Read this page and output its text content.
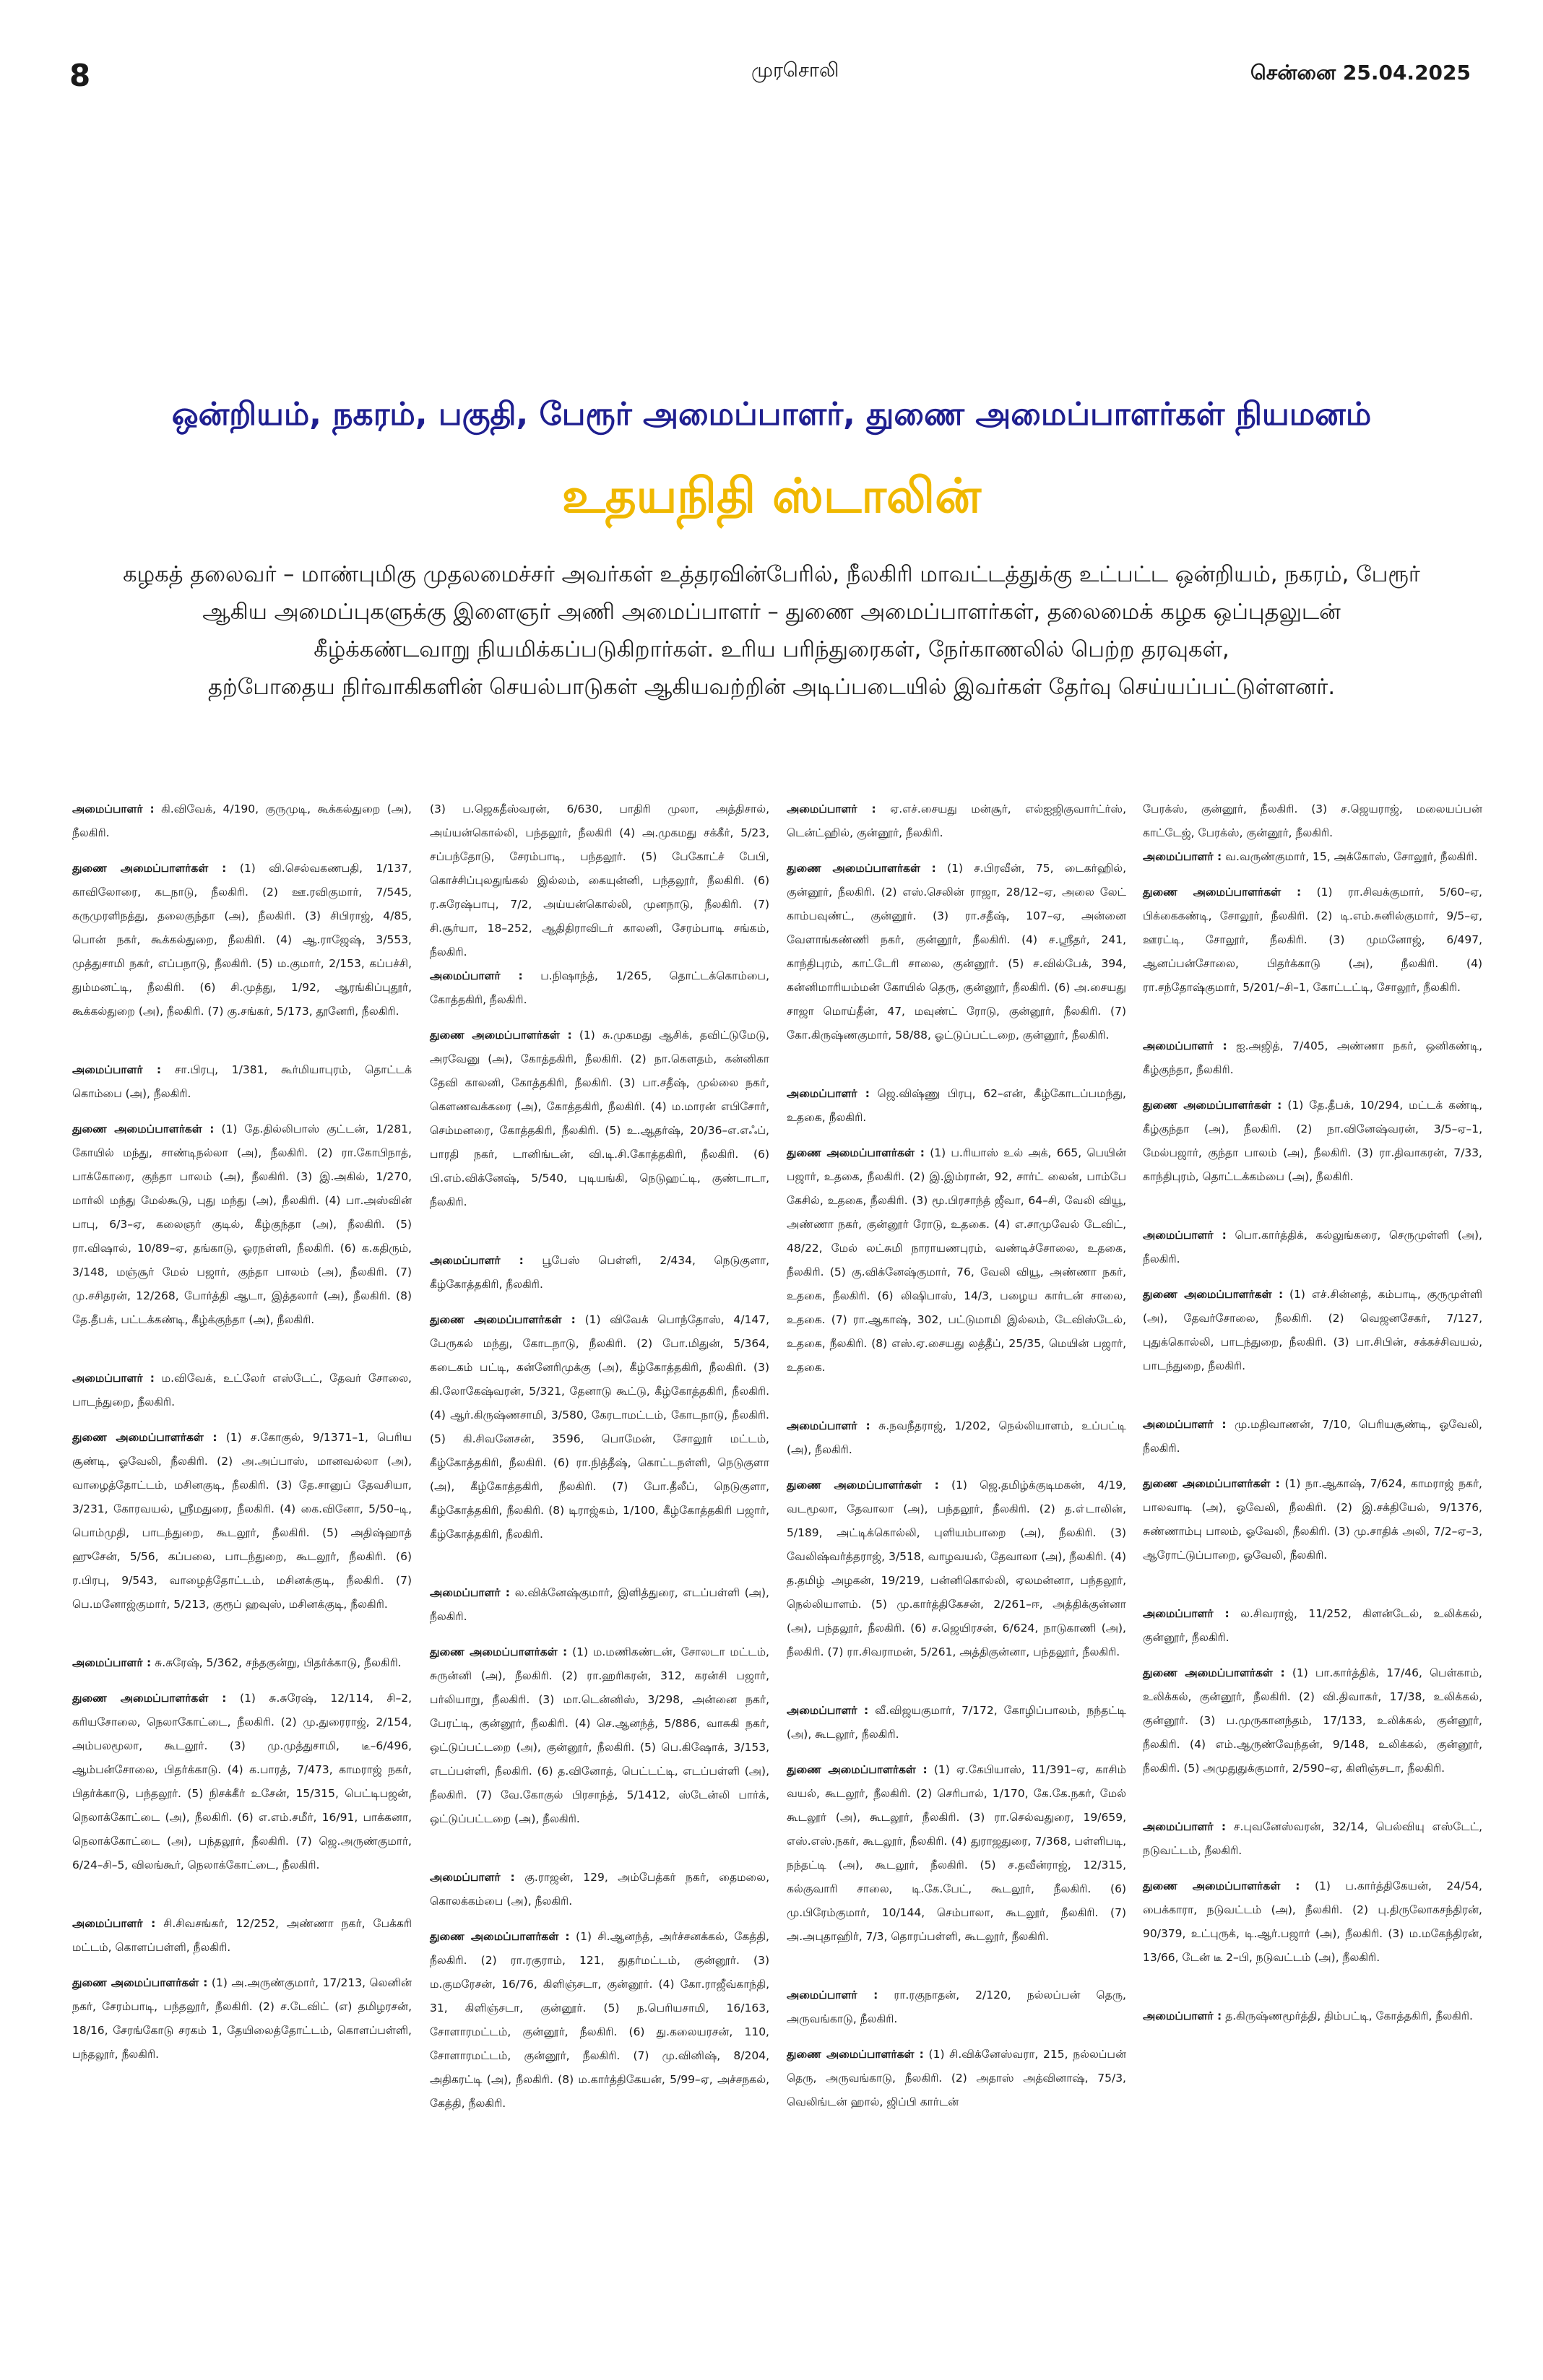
8	முரசொலி	சென்னை 25.04.2025
ஒன்றியம், நகரம், பகுதி, பேரூர் அமைப்பாளர், துணை அமைப்பாளர்கள் நியமனம்
உதயநிதி ஸ்டாலின்
கழகத் தலைவர் – மாண்புமிகு முதலமைச்சர் அவர்கள் உத்தரவின்பேரில், நீலகிரி மாவட்டத்துக்கு உட்பட்ட ஒன்றியம், நகரம், பேரூர்
ஆகிய அமைப்புகளுக்கு இளைஞர் அணி அமைப்பாளர் – துணை அமைப்பாளர்கள், தலைமைக் கழக ஒப்புதலுடன்
கீழ்க்கண்டவாறு நியமிக்கப்படுகிறார்கள். உரிய பரிந்துரைகள், நேர்காணலில் பெற்ற தரவுகள்,
தற்போதைய நிர்வாகிகளின் செயல்பாடுகள் ஆகியவற்றின் அடிப்படையில் இவர்கள் தேர்வு செய்யப்பட்டுள்ளனர்.

அமைப்பாளர் : கி.விவேக், 4/190, குருமுடி, கூக்கல்துறை (அ), நீலகிரி.

துணை அமைப்பாளர்கள் : (1) வி.செல்வகணபதி, 1/137, காவிலோரை, கடநாடு, நீலகிரி. (2) ஊ.ரவிகுமார், 7/545, கருமுரளிநத்து, தலைகுந்தா (அ), நீலகிரி. (3) சிபிராஜ், 4/85, பொன் நகர், கூக்கல்துறை, நீலகிரி. (4) ஆ.ராஜேஷ், 3/553, முத்துசாமி நகர், எப்பநாடு, நீலகிரி. (5) ம.குமார், 2/153, கப்பச்சி, தும்மனட்டி, நீலகிரி. (6) சி.முத்து, 1/92, ஆரங்கிப்புதூர், கூக்கல்துறை (அ), நீலகிரி. (7) கு.சங்கர், 5/173, தூனேரி, நீலகிரி.

அமைப்பாளர் : சா.பிரபு, 1/381, கூர்மியாபுரம், தொட்டக் கொம்பை (அ), நீலகிரி.

துணை அமைப்பாளர்கள் : (1) தே.தில்லிபாஸ் குட்டன், 1/281, கோயில் மந்து, சாண்டிநல்லா (அ), நீலகிரி. (2) ரா.கோபிநாத், பாக்கோரை, குந்தா பாலம் (அ), நீலகிரி. (3) இ.அகில், 1/270, மார்லி மந்து மேல்கூடு, புது மந்து (அ), நீலகிரி. (4) பா.அஸ்வின் பாபு, 6/3–ஏ, கலைஞர் குடில், கீழ்குந்தா (அ), நீலகிரி. (5) ரா.விஷால், 10/89–ஏ, தங்காடு, ஓரநள்ளி, நீலகிரி. (6) க.கதிரும், 3/148, மஞ்சூர் மேல் பஜார், குந்தா பாலம் (அ), நீலகிரி. (7) மு.சசிதரன், 12/268, போர்த்தி ஆடா, இத்தலார் (அ), நீலகிரி. (8) தே.தீபக், பட்டக்கண்டி, கீழ்க்குந்தா (அ), நீலகிரி.

அமைப்பாளர் : ம.விவேக், உட்லேர் எஸ்டேட், தேவர் சோலை, பாடந்துறை, நீலகிரி.

துணை அமைப்பாளர்கள் : (1) ச.கோகுல், 9/1371–1, பெரிய சூண்டி, ஓவேலி, நீலகிரி. (2) அ.அப்பாஸ், மானவல்லா (அ), வாழைத்தோட்டம், மசினகுடி, நீலகிரி. (3) தே.சானுப் தேவசியா, 3/231, கோரவயல், ஸ்ரீமதுரை, நீலகிரி. (4) கை.வினோ, 5/50–டி, பொம்முதி, பாடந்துறை, கூடலூர், நீலகிரி. (5) அதிஷ்ஹாத் ஹுசேன், 5/56, கப்பலை, பாடந்துறை, கூடலூர், நீலகிரி. (6) ர.பிரபு, 9/543, வாழைத்தோட்டம், மசினக்குடி, நீலகிரி. (7) பெ.மனோஜ்குமார், 5/213, குரூப் ஹவுஸ், மசினக்குடி, நீலகிரி.

அமைப்பாளர் : சு.சுரேஷ், 5/362, சந்தகுன்று, பிதர்க்காடு, நீலகிரி.

துணை அமைப்பாளர்கள் : (1) சு.சுரேஷ், 12/114, சி–2, கரியசோலை, நெலாகோட்டை, நீலகிரி. (2) மு.துரைராஜ், 2/154, அம்பலமூலா, கூடலூர். (3) மு.முத்துசாமி, டீ–6/496, ஆம்பன்சோலை, பிதர்க்காடு. (4) க.பாரத், 7/473, காமராஜ் நகர், பிதர்க்காடு, பந்தலூர். (5) நிசக்கீர் உசேன், 15/315, பெட்டிபஜன், நெலாக்கோட்டை (அ), நீலகிரி. (6) எ.எம்.சமீர், 16/91, பாக்கனா, நெலாக்கோட்டை (அ), பந்தலூர், நீலகிரி. (7) ஜெ.அருண்குமார், 6/24–சி–5, விலங்கூர், நெலாக்கோட்டை, நீலகிரி.

அமைப்பாளர் : சி.சிவசங்கர், 12/252, அண்ணா நகர், பேக்கரி மட்டம், கொளப்பள்ளி, நீலகிரி.

துணை அமைப்பாளர்கள் : (1) அ.அருண்குமார், 17/213, லெனின் நகர், சேரம்பாடி, பந்தலூர், நீலகிரி. (2) ச.டேவிட் (எ) தமிழரசன், 18/16, சேரங்கோடு சரகம் 1, தேயிலைத்தோட்டம், கொளப்பள்ளி, பந்தலூர், நீலகிரி.

(3) ப.ஜெகதீஸ்வரன், 6/630, பாதிரி முலா, அத்திசால், அய்யன்கொல்லி, பந்தலூர், நீலகிரி (4) அ.முகமது சக்கீர், 5/23, சப்பந்தோடு, சேரம்பாடி, பந்தலூர். (5) பேகோட்ச் பேபி, கொச்சிப்புலதுங்கல் இல்லம், கையுன்னி, பந்தலூர், நீலகிரி. (6) ர.சுரேஷ்பாபு, 7/2, அய்யன்கொல்லி, முனநாடு, நீலகிரி. (7) சி.சூர்யா, 18–252, ஆதிதிராவிடர் காலனி, சேரம்பாடி சங்கம், நீலகிரி.

அமைப்பாளர் : ப.நிஷாந்த், 1/265, தொட்டக்கொம்பை, கோத்தகிரி, நீலகிரி.

துணை அமைப்பாளர்கள் : (1) சு.முகமது ஆசிக், தவிட்டுமேடு, அரவேனு (அ), கோத்தகிரி, நீலகிரி. (2) நா.கௌதம், கன்னிகா தேவி காலனி, கோத்தகிரி, நீலகிரி. (3) பா.சதீஷ், முல்லை நகர், கௌணவக்கரை (அ), கோத்தகிரி, நீலகிரி. (4) ம.மாரன் எபிசோர், செம்மனரை, கோத்தகிரி, நீலகிரி. (5) உ.ஆதர்ஷ், 20/36–எ.எஃப், பாரதி நகர், டானிங்டன், வி.டி.சி.கோத்தகிரி, நீலகிரி. (6) பி.எம்.விக்னேஷ், 5/540, புடியங்கி, நெடுஹட்டி, குண்டாடா, நீலகிரி.

அமைப்பாளர் : பூபேஸ் பெள்ளி, 2/434, நெடுகுளா, கீழ்கோத்தகிரி, நீலகிரி.

துணை அமைப்பாளர்கள் : (1) விவேக் பொந்தோஸ், 4/147, பேருகல் மந்து, கோடநாடு, நீலகிரி. (2) போ.மிதுன், 5/364, கடைகம் பட்டி, கன்னேரிமுக்கு (அ), கீழ்கோத்தகிரி, நீலகிரி. (3) கி.லோகேஷ்வரன், 5/321, தேனாடு கூட்டு, கீழ்கோத்தகிரி, நீலகிரி. (4) ஆர்.கிருஷ்ணசாமி, 3/580, கேரடாமட்டம், கோடநாடு, நீலகிரி. (5) கி.சிவனேசன், 3596, பொமேன், சோலூர் மட்டம், கீழ்கோத்தகிரி, நீலகிரி. (6) ரா.நித்தீஷ், கொட்டநள்ளி, நெடுகுளா (அ), கீழ்கோத்தகிரி, நீலகிரி. (7) போ.தீலீப், நெடுகுளா, கீழ்கோத்தகிரி, நீலகிரி. (8) டிராஜ்கம், 1/100, கீழ்கோத்தகிரி பஜார், கீழ்கோத்தகிரி, நீலகிரி.

அமைப்பாளர் : ல.விக்னேஷ்குமார், இளித்துரை, எடப்பள்ளி (அ), நீலகிரி.

துணை அமைப்பாளர்கள் : (1) ம.மணிகண்டன், சோலடா மட்டம், சுருன்னி (அ), நீலகிரி. (2) ரா.ஹரிகரன், 312, கரன்சி பஜார், பர்லியாறு, நீலகிரி. (3) மா.டென்னிஸ், 3/298, அன்னை நகர், பேரட்டி, குன்னூர், நீலகிரி. (4) செ.ஆனந்த், 5/886, வாசுகி நகர், ஒட்டுப்பட்டறை (அ), குன்னூர், நீலகிரி. (5) பெ.கிஷோக், 3/153, எடப்பள்ளி, நீலகிரி. (6) த.வினோத், பெட்டட்டி, எடப்பள்ளி (அ), நீலகிரி. (7) வே.கோகுல் பிரசாந்த், 5/1412, ஸ்டேன்லி பார்க், ஒட்டுப்பட்டறை (அ), நீலகிரி.

அமைப்பாளர் : கு.ராஜன், 129, அம்பேத்கர் நகர், தைமலை, கொலக்கம்பை (அ), நீலகிரி.

துணை அமைப்பாளர்கள் : (1) சி.ஆனந்த், அர்ச்சனக்கல், கேத்தி, நீலகிரி. (2) ரா.ரகுராம், 121, துதர்மட்டம், குன்னூர். (3) ம.குமரேசன், 16/76, கிளிஞ்சடா, குன்னூர். (4) கோ.ராஜீவ்காந்தி, 31, கிளிஞ்சடா, குன்னூர். (5) ந.பெரியசாமி, 16/163, சோளாரமட்டம், குன்னூர், நீலகிரி. (6) து.கலையரசன், 110, சோளாரமட்டம், குன்னூர், நீலகிரி. (7) மு.வினிஷ், 8/204, அதிகரட்டி (அ), நீலகிரி. (8) ம.கார்த்திகேயன், 5/99–ஏ, அச்சநகல், கேத்தி, நீலகிரி.

அமைப்பாளர் : ஏ.எச்.சையது மன்சூர், எல்ஐஜிகுவார்ட்ர்ஸ், டென்ட்ஹில், குன்னூர், நீலகிரி.

துணை அமைப்பாளர்கள் : (1) ச.பிரவீன், 75, டைகர்ஹில், குன்னூர், நீலகிரி. (2) எஸ்.செலின் ராஜா, 28/12–ஏ, அலை லேட் காம்பவுண்ட், குன்னூர். (3) ரா.சதீஷ், 107–ஏ, அன்னை வேளாங்கண்ணி நகர், குன்னூர், நீலகிரி. (4) ச.ஸ்ரீதர், 241, காந்திபுரம், காட்டேரி சாலை, குன்னூர். (5) ச.வில்பேக், 394, கன்னிமாரியம்மன் கோயில் தெரு, குன்னூர், நீலகிரி. (6) அ.சையது சாஜா மொய்தீன், 47, மவுண்ட் ரோடு, குன்னூர், நீலகிரி. (7) கோ.கிருஷ்ணகுமார், 58/88, ஓட்டுப்பட்டறை, குன்னூர், நீலகிரி.

அமைப்பாளர் : ஜெ.விஷ்ணு பிரபு, 62–என், கீழ்கோடப்பமந்து, உதகை, நீலகிரி.

துணை அமைப்பாளர்கள் : (1) ப.ரியாஸ் உல் அக், 665, பெயின் பஜார், உதகை, நீலகிரி. (2) இ.இம்ரான், 92, சார்ட் லைன், பாம்பே கேசில், உதகை, நீலகிரி. (3) மூ.பிரசாந்த் ஜீவா, 64–சி, வேலி வியூ, அண்ணா நகர், குன்னூர் ரோடு, உதகை. (4) எ.சாமுவேல் டேவிட், 48/22, மேல் லட்சுமி நாராயணபுரம், வண்டிச்சோலை, உதகை, நீலகிரி. (5) கு.விக்னேஷ்குமார், 76, வேலி வியூ, அண்ணா நகர், உதகை, நீலகிரி. (6) லிஷிபாஸ், 14/3, பழைய கார்டன் சாலை, உதகை. (7) ரா.ஆகாஷ், 302, பட்டுமாமி இல்லம், டேவிஸ்டேல், உதகை, நீலகிரி. (8) எஸ்.ஏ.சையது லத்தீப், 25/35, மெயின் பஜார், உதகை.

அமைப்பாளர் : சு.நவநீதராஜ், 1/202, நெல்லியாளம், உப்பட்டி (அ), நீலகிரி.

துணை அமைப்பாளர்கள் : (1) ஜெ.தமிழ்க்குடிமகன், 4/19, வடமூலா, தேவாலா (அ), பந்தலூர், நீலகிரி. (2) த.எ்டாலின், 5/189, அட்டிக்கொல்லி, புளியம்பாறை (அ), நீலகிரி. (3) வேலிஷ்வர்த்தராஜ், 3/518, வாழவயல், தேவாலா (அ), நீலகிரி. (4) த.தமிழ் அழகன், 19/219, பன்னிகொல்லி, ஏலமன்னா, பந்தலூர், நெல்லியாளம். (5) மு.கார்த்திகேசன், 2/261–ஈ, அத்திக்குன்னா (அ), பந்தலூர், நீலகிரி. (6) ச.ஜெயிரசன், 6/624, நாடுகாணி (அ), நீலகிரி. (7) ரா.சிவராமன், 5/261, அத்திகுன்னா, பந்தலூர், நீலகிரி.

அமைப்பாளர் : வீ.விஜயகுமார், 7/172, கோழிப்பாலம், நந்தட்டி (அ), கூடலூர், நீலகிரி.

துணை அமைப்பாளர்கள் : (1) ஏ.கேபியாஸ், 11/391–ஏ, காசிம் வயல், கூடலூர், நீலகிரி. (2) செரிபால், 1/170, கே.கே.நகர், மேல் கூடலூர் (அ), கூடலூர், நீலகிரி. (3) ரா.செல்வதுரை, 19/659, எஸ்.எஸ்.நகர், கூடலூர், நீலகிரி. (4) துராஜதுரை, 7/368, பள்ளிபடி, நந்தட்டி (அ), கூடலூர், நீலகிரி. (5) ச.தவீன்ராஜ், 12/315, கல்குவாரி சாலை, டி.கே.பேட், கூடலூர், நீலகிரி. (6) மு.பிரேம்குமார், 10/144, செம்பாலா, கூடலூர், நீலகிரி. (7) அ.அபுதாஹிர், 7/3, தொரப்பள்ளி, கூடலூர், நீலகிரி.

அமைப்பாளர் : ரா.ரகுநாதன், 2/120, நல்லப்பன் தெரு, அருவங்காடு, நீலகிரி.

துணை அமைப்பாளர்கள் : (1) சி.விக்னேஸ்வரா, 215, நல்லப்பன் தெரு, அருவங்காடு, நீலகிரி. (2) அதாஸ் அத்வினாஷ், 75/3, வெலிங்டன் ஹால், ஜிப்பி கார்டன்

பேரக்ஸ், குன்னூர், நீலகிரி. (3) ச.ஜெயராஜ், மலையப்பன் காட்டேஜ், பேரக்ஸ், குன்னூர், நீலகிரி.

அமைப்பாளர் : வ.வருண்குமார், 15, அக்கோஸ், சோலூர், நீலகிரி.

துணை அமைப்பாளர்கள் : (1) ரா.சிவக்குமார், 5/60–ஏ, பிக்கைகண்டி, சோலூர், நீலகிரி. (2) டி.எம்.சுனில்குமார், 9/5–ஏ, ஊரட்டி, சோலூர், நீலகிரி. (3) முமனோஜ், 6/497, ஆனப்பன்சோலை, பிதர்க்காடு (அ), நீலகிரி. (4) ரா.சந்தோஷ்குமார், 5/201/–சி–1, கோட்டட்டி, சோலூர், நீலகிரி.

அமைப்பாளர் : ஐ.அஜித், 7/405, அண்ணா நகர், ஒனிகண்டி, கீழ்குந்தா, நீலகிரி.

துணை அமைப்பாளர்கள் : (1) தே.தீபக், 10/294, மட்டக் கண்டி, கீழ்குந்தா (அ), நீலகிரி. (2) நா.வினேஷ்வரன், 3/5–ஏ–1, மேல்பஜார், குந்தா பாலம் (அ), நீலகிரி. (3) ரா.திவாகரன், 7/33, காந்திபுரம், தொட்டக்கம்பை (அ), நீலகிரி.

அமைப்பாளர் : பொ.கார்த்திக், கல்லுங்கரை, செருமுள்ளி (அ), நீலகிரி.

துணை அமைப்பாளர்கள் : (1) எச்.சின்னத், கம்பாடி, குருமுள்ளி (அ), தேவர்சோலை, நீலகிரி. (2) வெஜனசேகர், 7/127, புதுக்கொல்லி, பாடந்துறை, நீலகிரி. (3) பா.சிபின், சக்கச்சிவயல், பாடந்துறை, நீலகிரி.

அமைப்பாளர் : மு.மதிவாணன், 7/10, பெரியசூண்டி, ஓவேலி, நீலகிரி.

துணை அமைப்பாளர்கள் : (1) நா.ஆகாஷ், 7/624, காமராஜ் நகர், பாலவாடி (அ), ஓவேலி, நீலகிரி. (2) இ.சக்தியேல், 9/1376, சுண்ணாம்பு பாலம், ஓவேலி, நீலகிரி. (3) மு.சாதிக் அலி, 7/2–ஏ–3, ஆரோட்டுப்பாறை, ஓவேலி, நீலகிரி.

அமைப்பாளர் : ல.சிவராஜ், 11/252, கிளன்டேல், உலிக்கல், குன்னூர், நீலகிரி.

துணை அமைப்பாளர்கள் : (1) பா.கார்த்திக், 17/46, பெள்காம், உலிக்கல், குன்னூர், நீலகிரி. (2) வி.திவாகர், 17/38, உலிக்கல், குன்னூர். (3) ப.முருகானந்தம், 17/133, உலிக்கல், குன்னூர், நீலகிரி. (4) எம்.ஆருண்வேந்தன், 9/148, உலிக்கல், குன்னூர், நீலகிரி. (5) அமுதுதுக்குமார், 2/590–ஏ, கிளிஞ்சடா, நீலகிரி.

அமைப்பாளர் : ச.புவனேஸ்வரன், 32/14, பெல்வியு எஸ்டேட், நடுவட்டம், நீலகிரி.

துணை அமைப்பாளர்கள் : (1) ப.கார்த்திகேயன், 24/54, பைக்காரா, நடுவட்டம் (அ), நீலகிரி. (2) பு.திருலோகசந்திரன், 90/379, உட்புருக், டி.ஆர்.பஜார் (அ), நீலகிரி. (3) ம.மகேந்திரன், 13/66, டேன் டீ 2–பி, நடுவட்டம் (அ), நீலகிரி.

அமைப்பாளர் : த.கிருஷ்ணமூர்த்தி, திம்பட்டி, கோத்தகிரி, நீலகிரி.
